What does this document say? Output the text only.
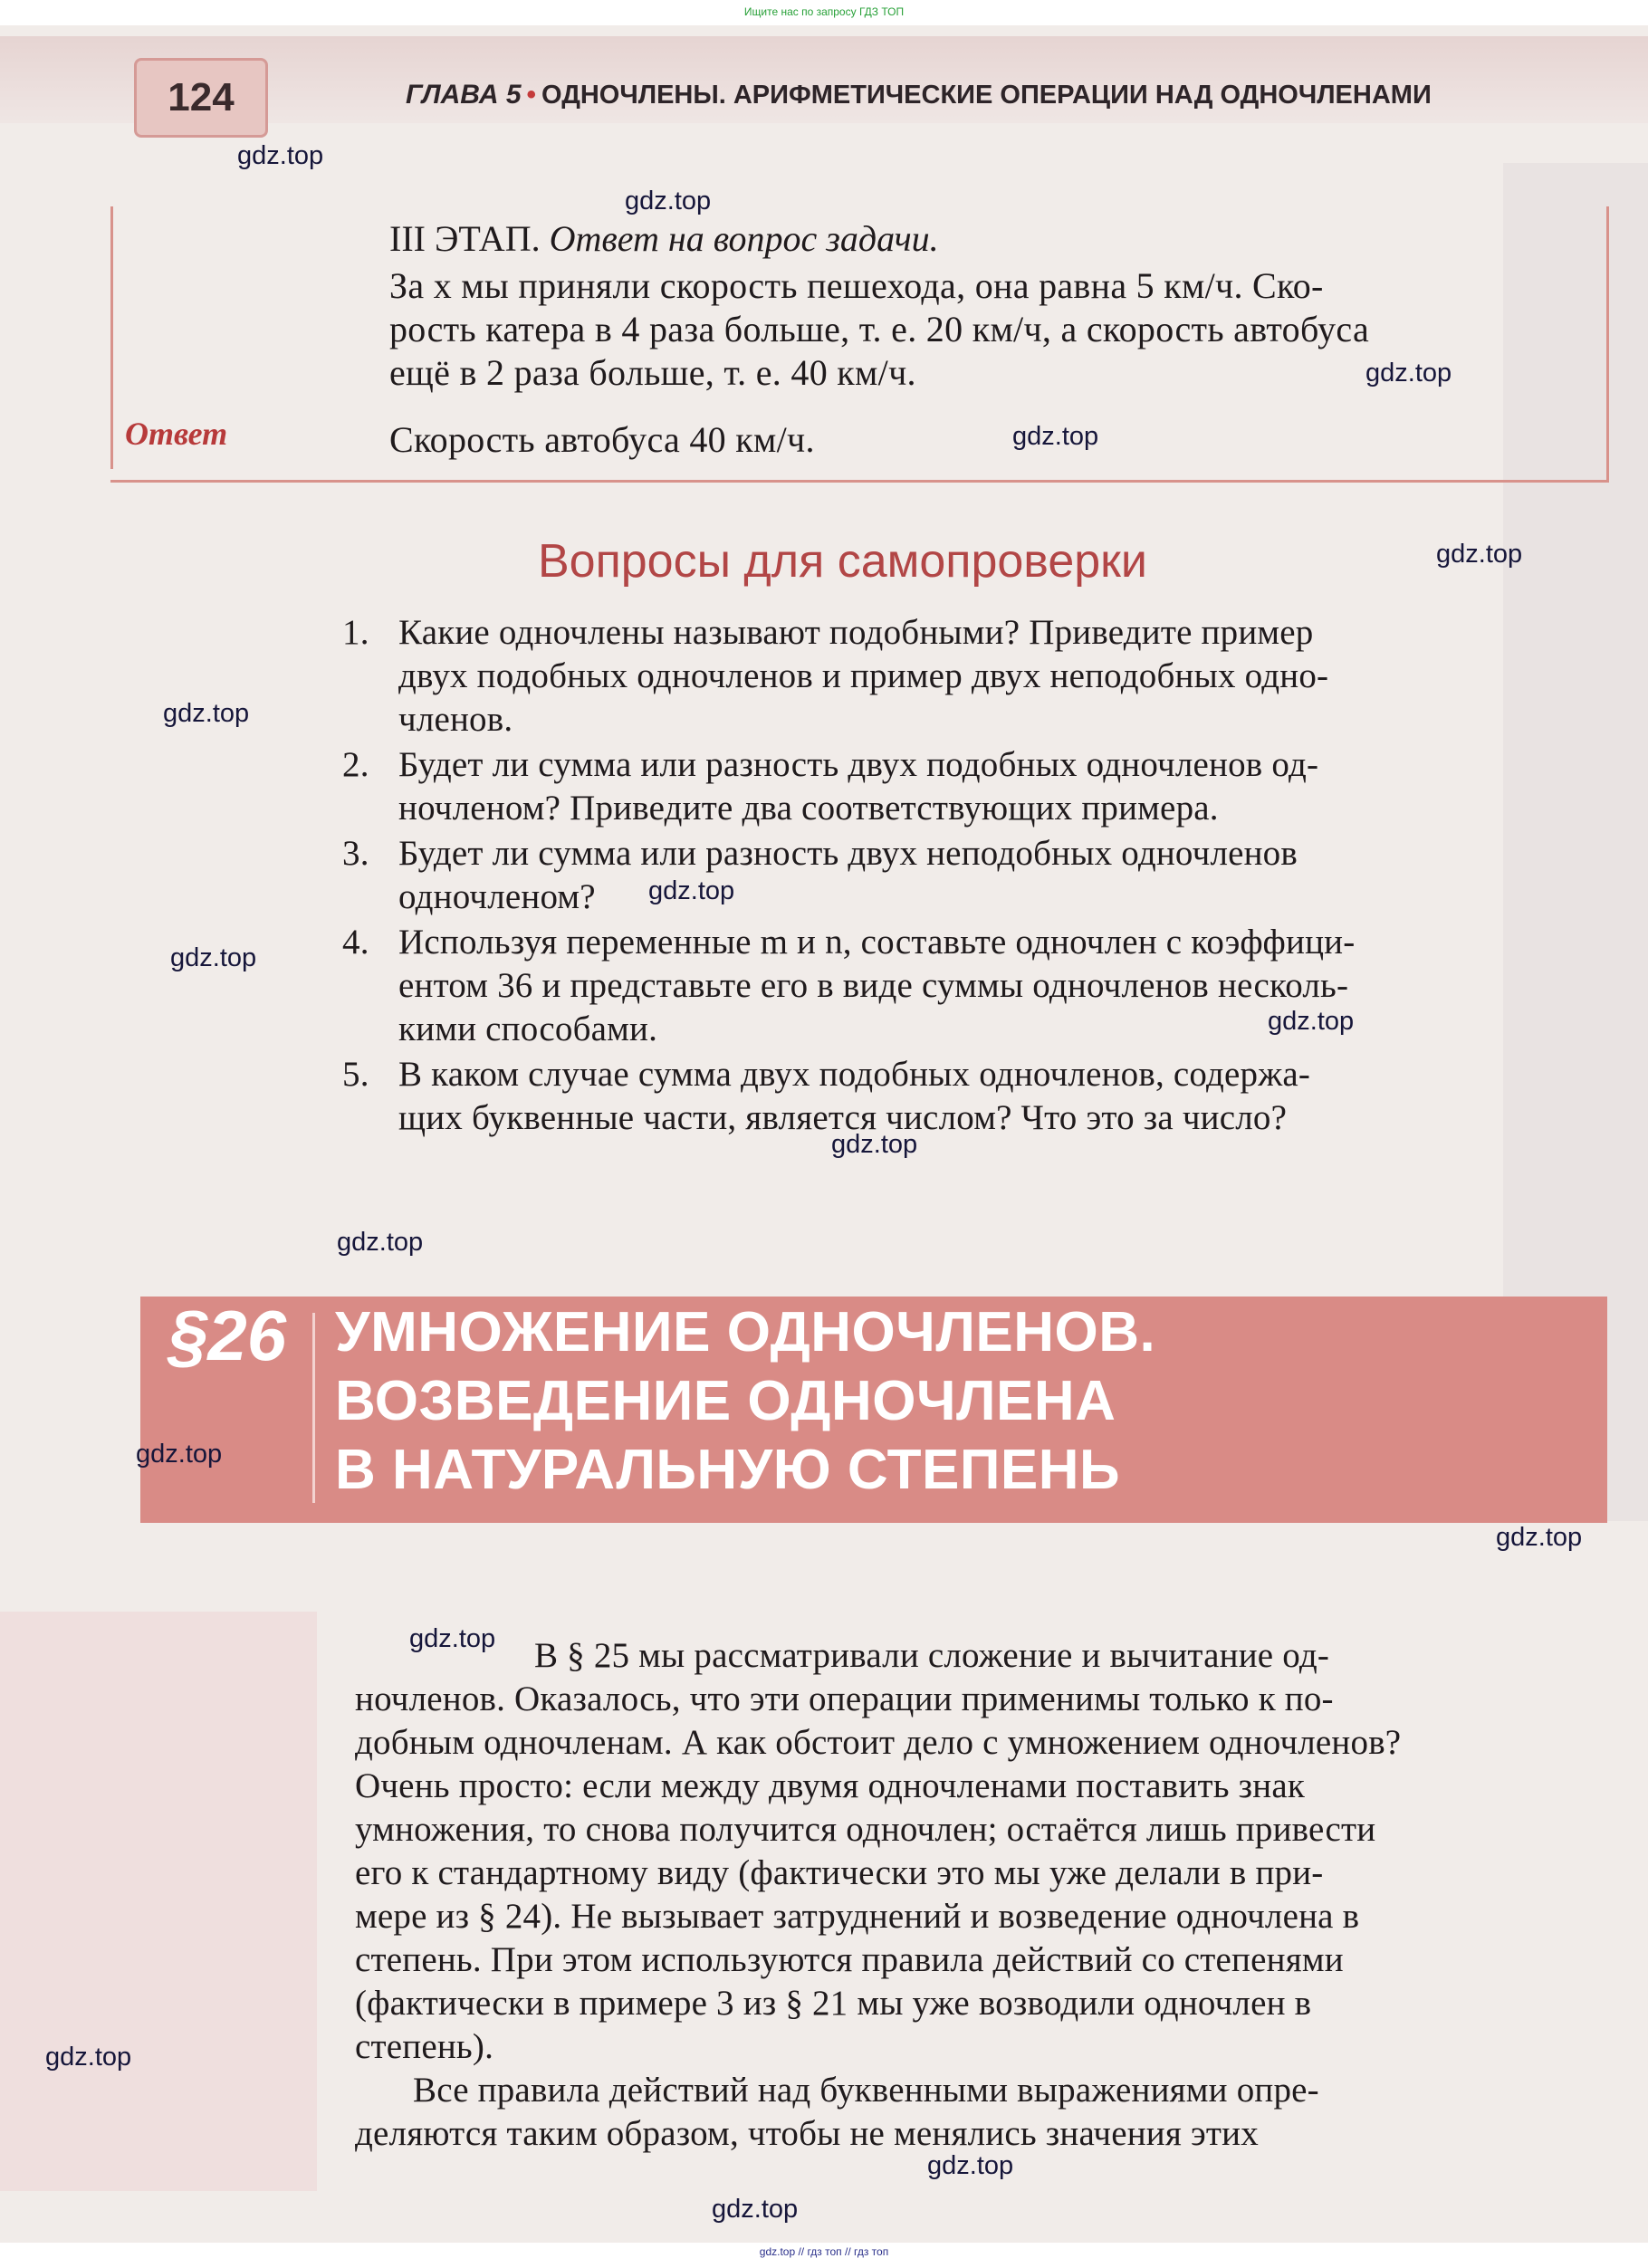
Ищите нас по запросу ГДЗ ТОП
124	ГЛАВА 5 • ОДНОЧЛЕНЫ. АРИФМЕТИЧЕСКИЕ ОПЕРАЦИИ НАД ОДНОЧЛЕНАМИ
III ЭТАП. Ответ на вопрос задачи.
За x мы приняли скорость пешехода, она равна 5 км/ч. Ско-
рость катера в 4 раза больше, т. е. 20 км/ч, а скорость автобуса
ещё в 2 раза больше, т. е. 40 км/ч.
Ответ	Скорость автобуса 40 км/ч.
Вопросы для самопроверки
1. Какие одночлены называют подобными? Приведите пример
двух подобных одночленов и пример двух неподобных одно-
членов.
2. Будет ли сумма или разность двух подобных одночленов од-
ночленом? Приведите два соответствующих примера.
3. Будет ли сумма или разность двух неподобных одночленов
одночленом?
4. Используя переменные m и n, составьте одночлен с коэффици-
ентом 36 и представьте его в виде суммы одночленов несколь-
кими способами.
5. В каком случае сумма двух подобных одночленов, содержа-
щих буквенные части, является числом? Что это за число?
§26 УМНОЖЕНИЕ ОДНОЧЛЕНОВ.
ВОЗВЕДЕНИЕ ОДНОЧЛЕНА
В НАТУРАЛЬНУЮ СТЕПЕНЬ
В § 25 мы рассматривали сложение и вычитание од-
ночленов. Оказалось, что эти операции применимы только к по-
добным одночленам. А как обстоит дело с умножением одночленов?
Очень просто: если между двумя одночленами поставить знак
умножения, то снова получится одночлен; остаётся лишь привести
его к стандартному виду (фактически это мы уже делали в при-
мере из § 24). Не вызывает затруднений и возведение одночлена в
степень. При этом используются правила действий со степенями
(фактически в примере 3 из § 21 мы уже возводили одночлен в
степень).
Все правила действий над буквенными выражениями опре-
деляются таким образом, чтобы не менялись значения этих
gdz.top
gdz.top
gdz.top
gdz.top
gdz.top
gdz.top
gdz.top
gdz.top
gdz.top
gdz.top
gdz.top
gdz.top
gdz.top
gdz.top
gdz.top
gdz.top
gdz.top
gdz.top // гдз топ // гдз топ
